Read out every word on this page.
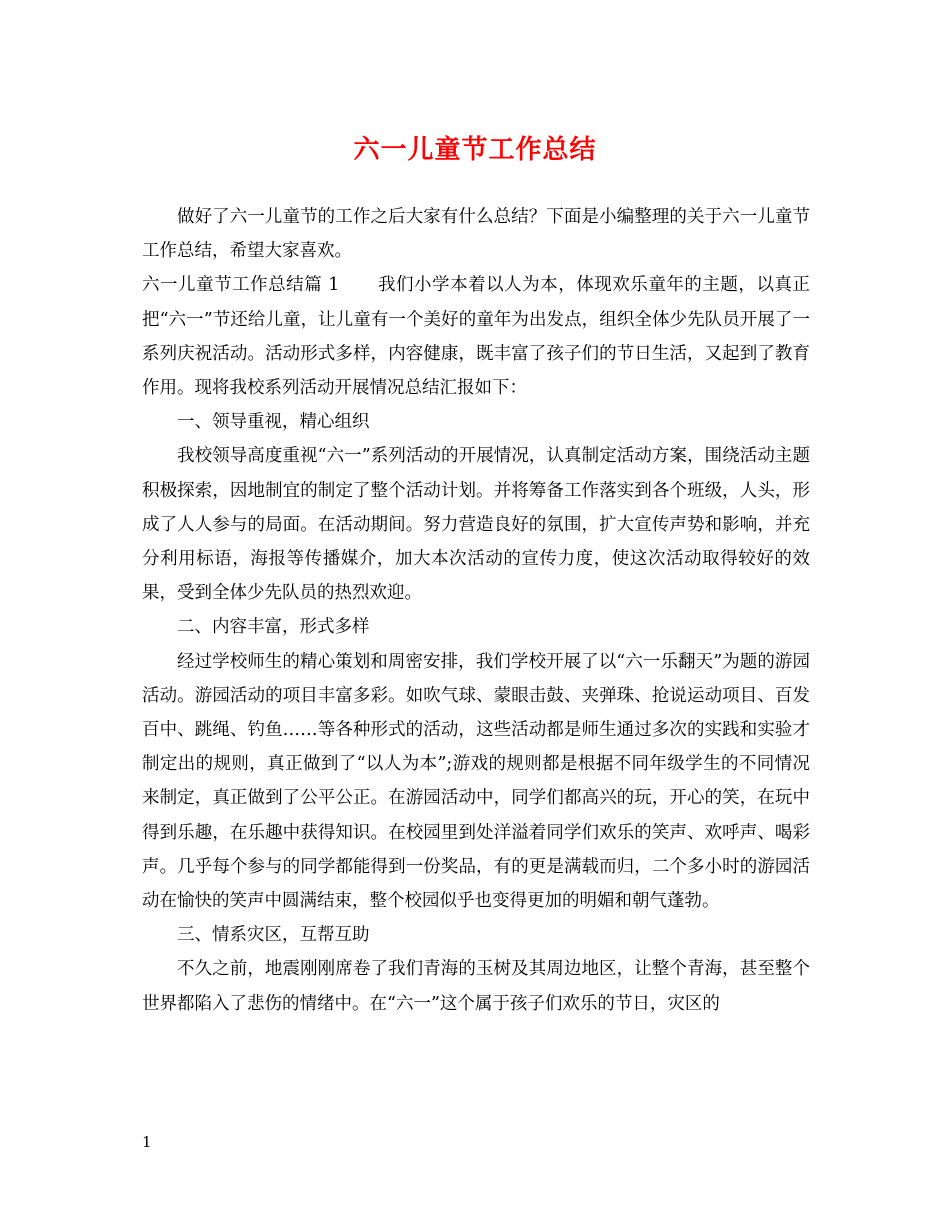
六一儿童节工作总结

做好了六一儿童节的工作之后大家有什么总结？下面是小编整理的关于六一儿童节工作总结，希望大家喜欢。

六一儿童节工作总结篇 1 我们小学本着以人为本，体现欢乐童年的主题，以真正把“六一”节还给儿童，让儿童有一个美好的童年为出发点，组织全体少先队员开展了一系列庆祝活动。活动形式多样，内容健康，既丰富了孩子们的节日生活，又起到了教育作用。现将我校系列活动开展情况总结汇报如下：

一、领导重视，精心组织

我校领导高度重视“六一”系列活动的开展情况，认真制定活动方案，围绕活动主题积极探索，因地制宜的制定了整个活动计划。并将筹备工作落实到各个班级，人头，形成了人人参与的局面。在活动期间。努力营造良好的氛围，扩大宣传声势和影响，并充分利用标语，海报等传播媒介，加大本次活动的宣传力度，使这次活动取得较好的效果，受到全体少先队员的热烈欢迎。

二、内容丰富，形式多样

经过学校师生的精心策划和周密安排，我们学校开展了以“六一乐翻天”为题的游园活动。游园活动的项目丰富多彩。如吹气球、蒙眼击鼓、夹弹珠、抢说运动项目、百发百中、跳绳、钓鱼……等各种形式的活动，这些活动都是师生通过多次的实践和实验才制定出的规则，真正做到了“以人为本”;游戏的规则都是根据不同年级学生的不同情况来制定，真正做到了公平公正。在游园活动中，同学们都高兴的玩，开心的笑，在玩中得到乐趣，在乐趣中获得知识。在校园里到处洋溢着同学们欢乐的笑声、欢呼声、喝彩声。几乎每个参与的同学都能得到一份奖品，有的更是满载而归，二个多小时的游园活动在愉快的笑声中圆满结束，整个校园似乎也变得更加的明媚和朝气蓬勃。

三、情系灾区，互帮互助

不久之前，地震刚刚席卷了我们青海的玉树及其周边地区，让整个青海，甚至整个世界都陷入了悲伤的情绪中。在“六一”这个属于孩子们欢乐的节日，灾区的

1
